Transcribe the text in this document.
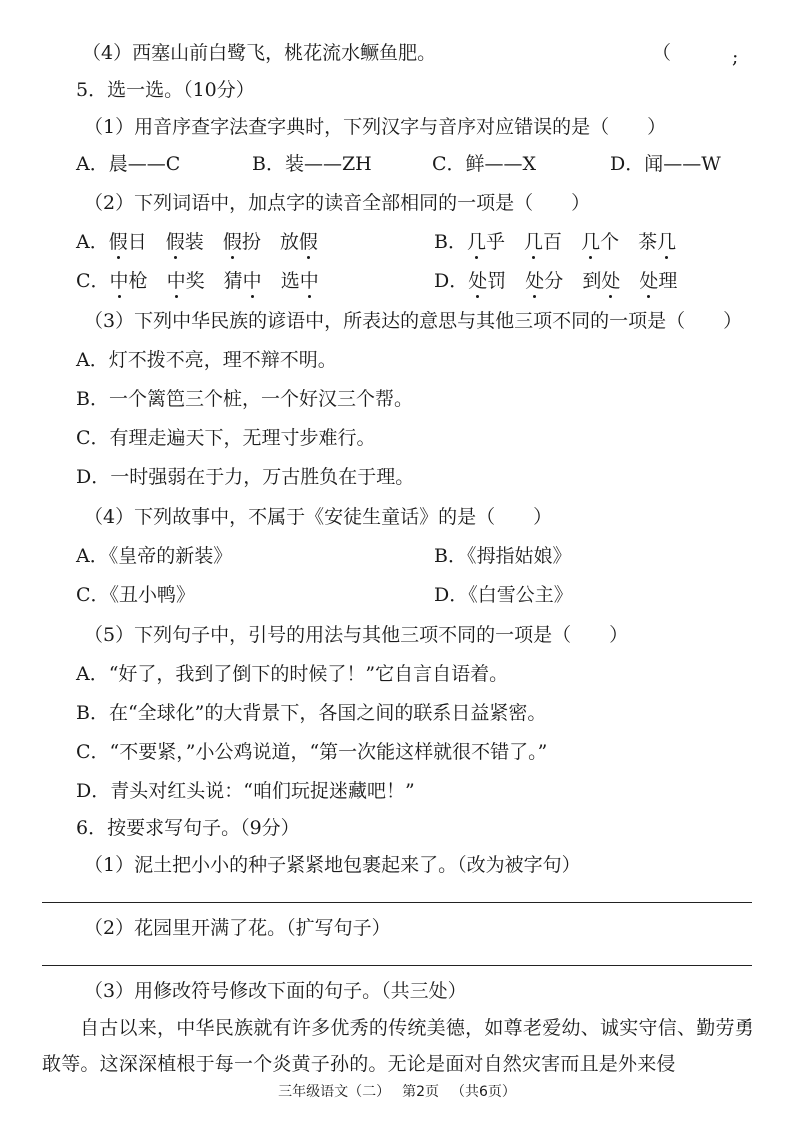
（4）西塞山前白鹭飞，桃花流水鳜鱼肥。	（	;
5．选一选。（10分）
（1）用音序查字法查字典时，下列汉字与音序对应错误的是（　　）
A．晨——C	B．装——ZH	C．鲜——X	D．闻——W
（2）下列词语中，加点字的读音全部相同的一项是（　　）
A．假日　 假装　 假扮　 放假	B．几乎　 几百　 几个　 茶几
C．中枪　 中奖　 猜中　 选中	D．处罚　 处分　 到处　 处理
（3）下列中华民族的谚语中，所表达的意思与其他三项不同的一项是（　　）
A．灯不拨不亮，理不辩不明。
B．一个篱笆三个桩，一个好汉三个帮。
C．有理走遍天下，无理寸步难行。
D．一时强弱在于力，万古胜负在于理。
（4）下列故事中，不属于《安徒生童话》的是（　　）
A．《皇帝的新装》	B．《拇指姑娘》
C．《丑小鸭》	D．《白雪公主》
（5）下列句子中，引号的用法与其他三项不同的一项是（　　）
A．“好了，我到了倒下的时候了！”它自言自语着。
B．在“全球化”的大背景下，各国之间的联系日益紧密。
C．“不要紧，”小公鸡说道，“第一次能这样就很不错了。”
D．青头对红头说：“咱们玩捉迷藏吧！”
6．按要求写句子。（9分）
（1）泥土把小小的种子紧紧地包裹起来了。（改为被字句）
（2）花园里开满了花。（扩写句子）
（3）用修改符号修改下面的句子。（共三处）
自古以来，中华民族就有许多优秀的传统美德，如尊老爱幼、诚实守信、勤劳勇敢等。这深深植根于每一个炎黄子孙的。无论是面对自然灾害而且是外来侵
三年级语文（二） 第2页 （共6页）
